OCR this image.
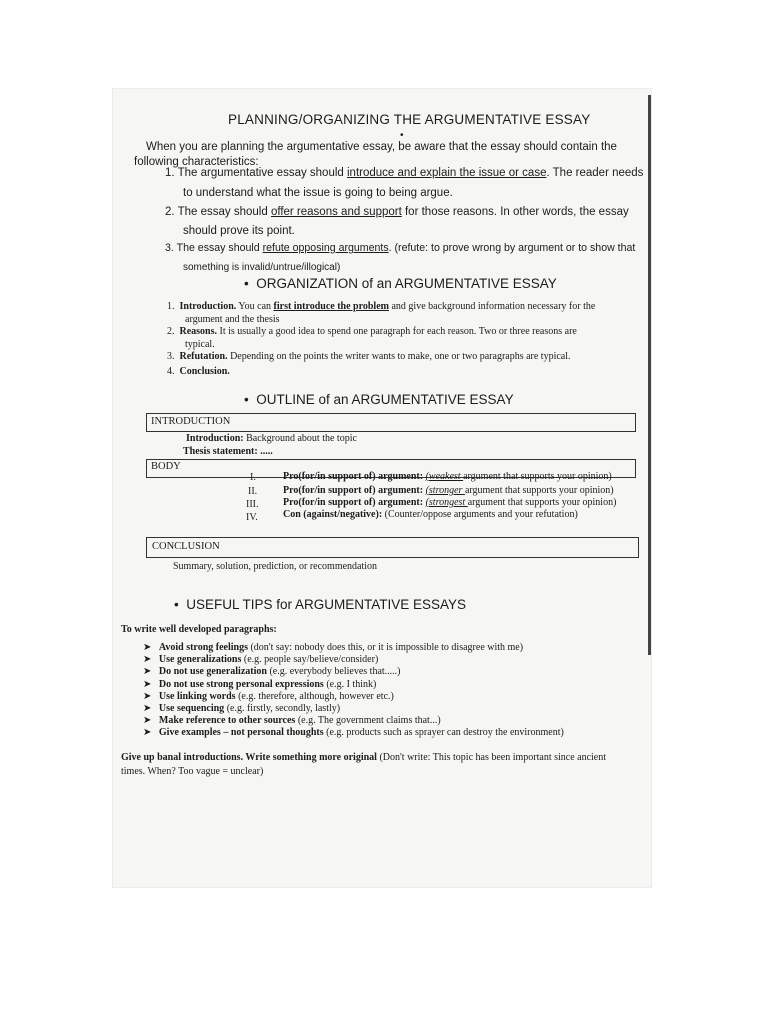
PLANNING/ORGANIZING THE ARGUMENTATIVE ESSAY
•
When you are planning the argumentative essay, be aware that the essay should contain the
following characteristics:
1. The argumentative essay should introduce and explain the issue or case. The reader needs
to understand what the issue is going to being argue.
2. The essay should offer reasons and support for those reasons. In other words, the essay
should prove its point.
3. The essay should refute opposing arguments. (refute: to prove wrong by argument or to show that
something is invalid/untrue/illogical)
• ORGANIZATION of an ARGUMENTATIVE ESSAY
1. Introduction. You can first introduce the problem and give background information necessary for the
argument and the thesis
2. Reasons. It is usually a good idea to spend one paragraph for each reason. Two or three reasons are
typical.
3. Refutation. Depending on the points the writer wants to make, one or two paragraphs are typical.
4. Conclusion.
• OUTLINE of an ARGUMENTATIVE ESSAY
INTRODUCTION
Introduction: Background about the topic
Thesis statement: .....
BODY
I.	Pro(for/in support of) argument: (weakest argument that supports your opinion)
II.	Pro(for/in support of) argument: (stronger argument that supports your opinion)
III. Pro(for/in support of) argument: (strongest argument that supports your opinion)
IV.	Con (against/negative): (Counter/oppose arguments and your refutation)
CONCLUSION
Summary, solution, prediction, or recommendation
• USEFUL TIPS for ARGUMENTATIVE ESSAYS
To write well developed paragraphs:
➤ Avoid strong feelings (don't say: nobody does this, or it is impossible to disagree with me)
➤ Use generalizations (e.g. people say/believe/consider)
➤ Do not use generalization (e.g. everybody believes that.....)
➤ Do not use strong personal expressions (e.g. I think)
➤ Use linking words (e.g. therefore, although, however etc.)
➤ Use sequencing (e.g. firstly, secondly, lastly)
➤ Make reference to other sources (e.g. The government claims that...)
➤ Give examples – not personal thoughts (e.g. products such as sprayer can destroy the environment)
Give up banal introductions. Write something more original (Don't write: This topic has been important since ancient
times. When? Too vague = unclear)
